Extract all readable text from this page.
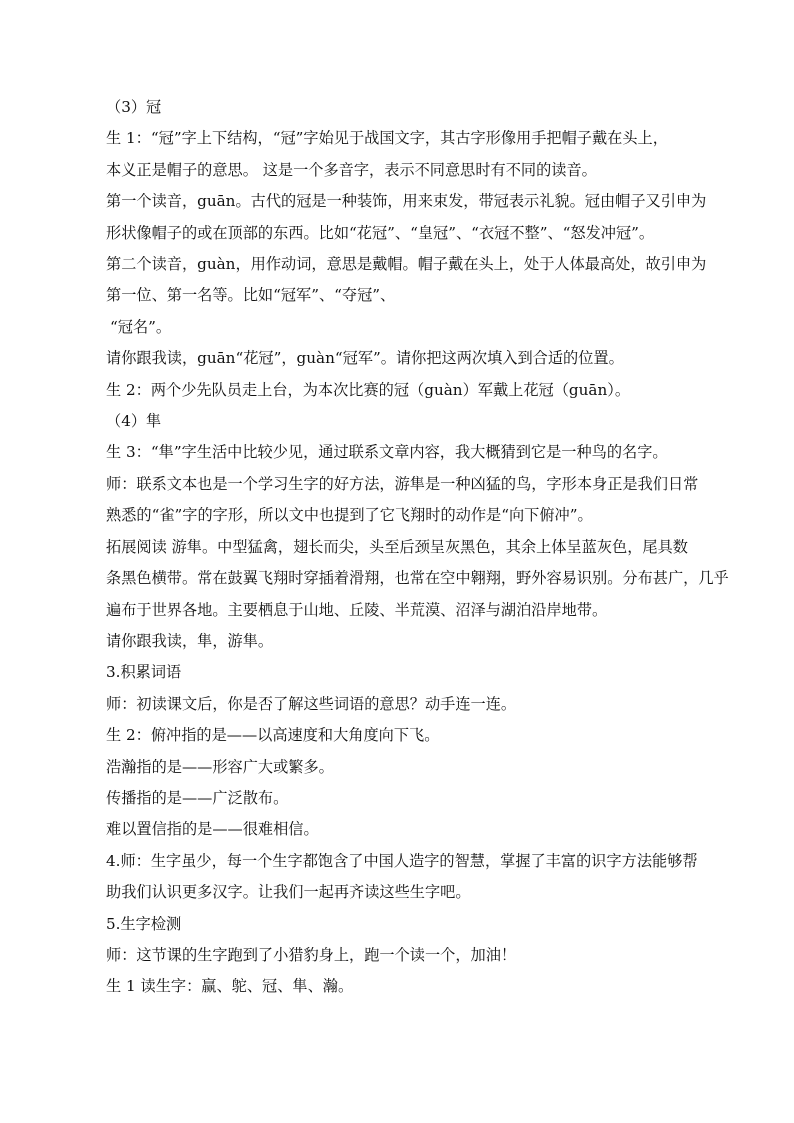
（3）冠

生 1：“冠”字上下结构，“冠”字始见于战国文字，其古字形像用手把帽子戴在头上，

本义正是帽子的意思。 这是一个多音字，表示不同意思时有不同的读音。

第一个读音，guān。古代的冠是一种装饰，用来束发，带冠表示礼貌。冠由帽子又引申为

形状像帽子的或在顶部的东西。比如“花冠”、“皇冠”、“衣冠不整”、“怒发冲冠”。

第二个读音，guàn，用作动词，意思是戴帽。帽子戴在头上，处于人体最高处，故引申为

第一位、第一名等。比如“冠军”、“夺冠”、

“冠名”。

请你跟我读，guān“花冠”，guàn“冠军”。请你把这两次填入到合适的位置。

生 2：两个少先队员走上台，为本次比赛的冠（guàn）军戴上花冠（guān）。

（4）隼

生 3：“隼”字生活中比较少见，通过联系文章内容，我大概猜到它是一种鸟的名字。

师：联系文本也是一个学习生字的好方法，游隼是一种凶猛的鸟，字形本身正是我们日常

熟悉的“雀”字的字形，所以文中也提到了它飞翔时的动作是“向下俯冲”。

拓展阅读 游隼。中型猛禽，翅长而尖，头至后颈呈灰黑色，其余上体呈蓝灰色，尾具数

条黑色横带。常在鼓翼飞翔时穿插着滑翔，也常在空中翱翔，野外容易识别。分布甚广，几乎

遍布于世界各地。主要栖息于山地、丘陵、半荒漠、沼泽与湖泊沿岸地带。

请你跟我读，隼，游隼。

3.积累词语

师：初读课文后，你是否了解这些词语的意思？动手连一连。

生 2：俯冲指的是——以高速度和大角度向下飞。

浩瀚指的是——形容广大或繁多。

传播指的是——广泛散布。

难以置信指的是——很难相信。

4.师：生字虽少，每一个生字都饱含了中国人造字的智慧，掌握了丰富的识字方法能够帮

助我们认识更多汉字。让我们一起再齐读这些生字吧。

5.生字检测

师：这节课的生字跑到了小猎豹身上，跑一个读一个，加油！

生 1 读生字：赢、鸵、冠、隼、瀚。
